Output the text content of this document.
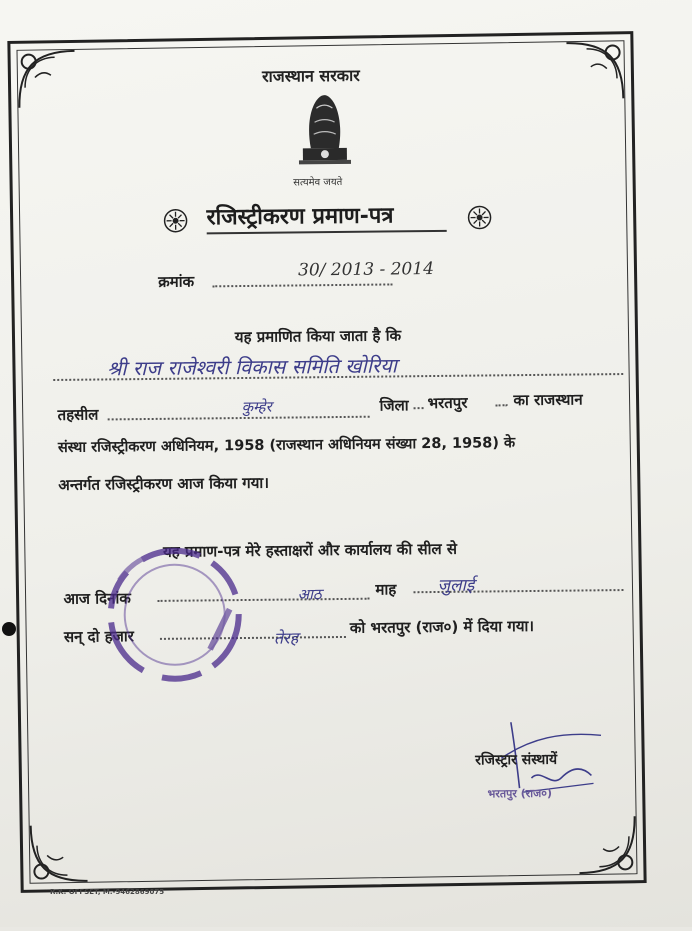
राजस्थान सरकार
सत्यमेव जयते
रजिस्ट्रीकरण प्रमाण-पत्र
क्रमांक
30/ 2013 - 2014
यह प्रमाणित किया जाता है कि
श्री राज राजेश्वरी विकास समिति खोरिया
तहसील	कुम्हेर	जिला भरतपुर	का राजस्थान
संस्था रजिस्ट्रीकरण अधिनियम, 1958 (राजस्थान अधिनियम संख्या 28, 1958) के
अन्तर्गत रजिस्ट्रीकरण आज किया गया।
यह प्रमाण-पत्र मेरे हस्ताक्षरों और कार्यालय की सील से
आज दिनांक	आठ	माह जुलाई
सन् दो हजार	तेरह
को भरतपुर (राज०) में दिया गया।
रजिस्ट्रार संस्थायें
भरतपुर (राज०)
R.K. OFFSET, M.-9462869075
